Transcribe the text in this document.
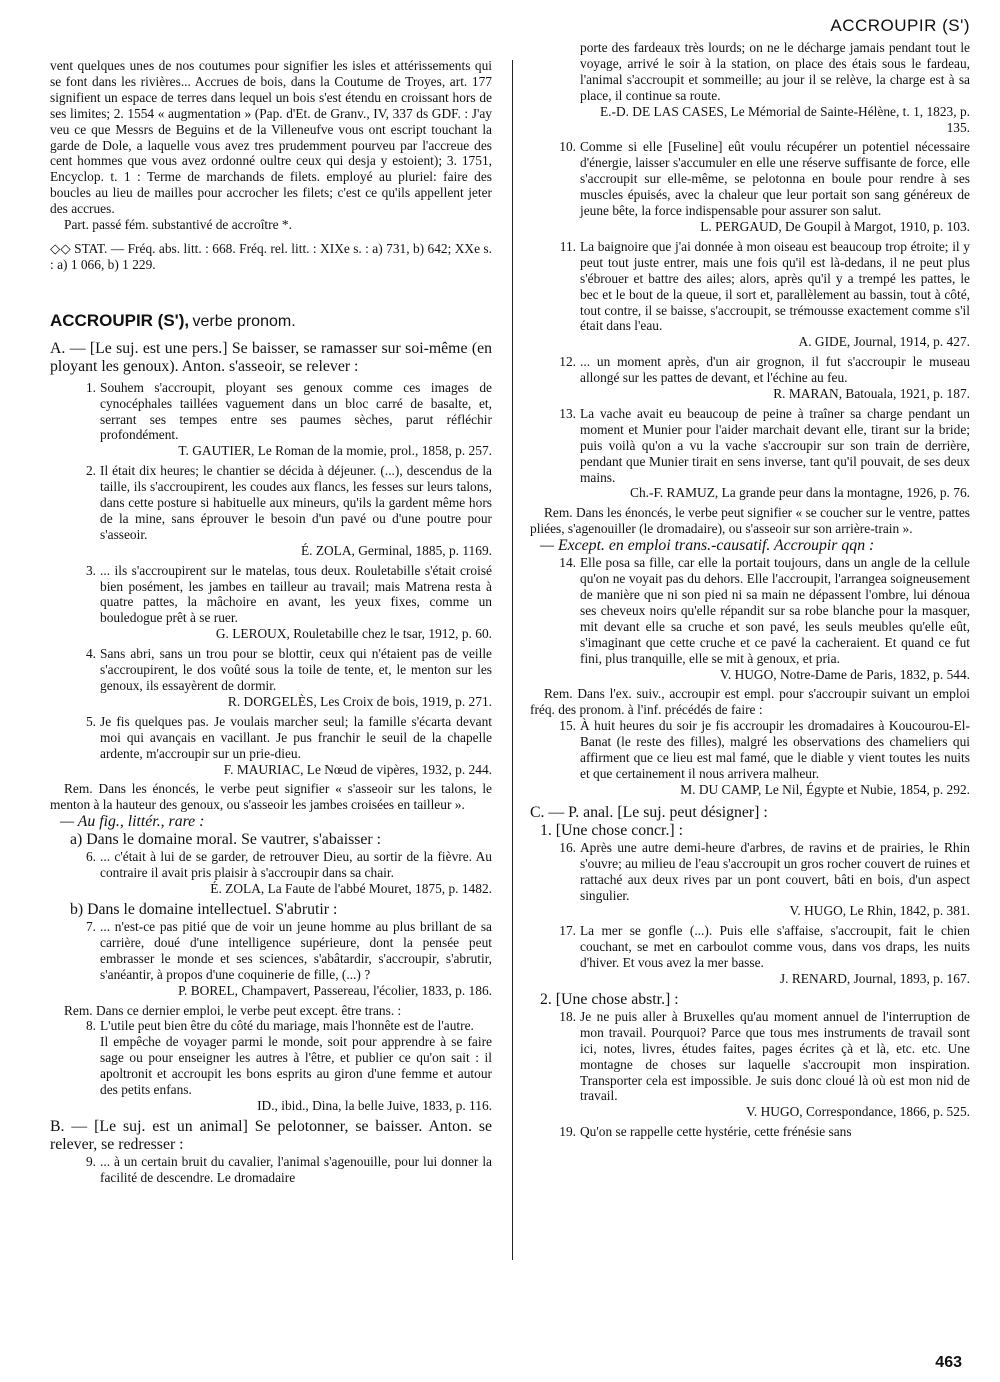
ACCROUPIR (S')

vent quelques unes de nos coutumes pour signifier les isles et attérissements qui se font dans les rivières... Accrues de bois, dans la Coutume de Troyes, art. 177 signifient un espace de terres dans lequel un bois s'est étendu en croissant hors de ses limites; 2. 1554 « augmentation » (Pap. d'Et. de Granv., IV, 337 ds GDF. : J'ay veu ce que Messrs de Beguins et de la Villeneufve vous ont escript touchant la garde de Dole, a laquelle vous avez tres prudemment pourveu par l'accreue des cent hommes que vous avez ordonné oultre ceux qui desja y estoient); 3. 1751, Encyclop. t. 1 : Terme de marchands de filets. employé au pluriel: faire des boucles au lieu de mailles pour accrocher les filets; c'est ce qu'ils appellent jeter des accrues.

Part. passé fém. substantivé de accroître *.

◇◇ STAT. — Fréq. abs. litt. : 668. Fréq. rel. litt. : XIXe s. : a) 731, b) 642; XXe s. : a) 1 066, b) 1 229.

ACCROUPIR (S'), verbe pronom.

A. — [Le suj. est une pers.] Se baisser, se ramasser sur soi-même (en ployant les genoux). Anton. s'asseoir, se relever :

1. Souhem s'accroupit, ployant ses genoux comme ces images de cynocéphales taillées vaguement dans un bloc carré de basalte, et, serrant ses tempes entre ses paumes sèches, parut réfléchir profondément.

T. GAUTIER, Le Roman de la momie, prol., 1858, p. 257.

2. Il était dix heures; le chantier se décida à déjeuner. (...), descendus de la taille, ils s'accroupirent, les coudes aux flancs, les fesses sur leurs talons, dans cette posture si habituelle aux mineurs, qu'ils la gardent même hors de la mine, sans éprouver le besoin d'un pavé ou d'une poutre pour s'asseoir.

É. ZOLA, Germinal, 1885, p. 1169.

3. ... ils s'accroupirent sur le matelas, tous deux. Rouletabille s'était croisé bien posément, les jambes en tailleur au travail; mais Matrena resta à quatre pattes, la mâchoire en avant, les yeux fixes, comme un bouledogue prêt à se ruer.

G. LEROUX, Rouletabille chez le tsar, 1912, p. 60.

4. Sans abri, sans un trou pour se blottir, ceux qui n'étaient pas de veille s'accroupirent, le dos voûté sous la toile de tente, et, le menton sur les genoux, ils essayèrent de dormir.

R. DORGELÈS, Les Croix de bois, 1919, p. 271.

5. Je fis quelques pas. Je voulais marcher seul; la famille s'écarta devant moi qui avançais en vacillant. Je pus franchir le seuil de la chapelle ardente, m'accroupir sur un prie-dieu.

F. MAURIAC, Le Nœud de vipères, 1932, p. 244.

Rem. Dans les énoncés, le verbe peut signifier « s'asseoir sur les talons, le menton à la hauteur des genoux, ou s'asseoir les jambes croisées en tailleur ».

— Au fig., littér., rare :

a) Dans le domaine moral. Se vautrer, s'abaisser :

6. ... c'était à lui de se garder, de retrouver Dieu, au sortir de la fièvre. Au contraire il avait pris plaisir à s'accroupir dans sa chair.

É. ZOLA, La Faute de l'abbé Mouret, 1875, p. 1482.

b) Dans le domaine intellectuel. S'abrutir :

7. ... n'est-ce pas pitié que de voir un jeune homme au plus brillant de sa carrière, doué d'une intelligence supérieure, dont la pensée peut embrasser le monde et ses sciences, s'abâtardir, s'accroupir, s'abrutir, s'anéantir, à propos d'une coquinerie de fille, (...) ?

P. BOREL, Champavert, Passereau, l'écolier, 1833, p. 186.

Rem. Dans ce dernier emploi, le verbe peut except. être trans. :

8. L'utile peut bien être du côté du mariage, mais l'honnête est de l'autre.

Il empêche de voyager parmi le monde, soit pour apprendre à se faire sage ou pour enseigner les autres à l'être, et publier ce qu'on sait : il apoltronit et accroupit les bons esprits au giron d'une femme et autour des petits enfans.

ID., ibid., Dina, la belle Juive, 1833, p. 116.

B. — [Le suj. est un animal] Se pelotonner, se baisser. Anton. se relever, se redresser :

9. ... à un certain bruit du cavalier, l'animal s'agenouille, pour lui donner la facilité de descendre. Le dromadaire

porte des fardeaux très lourds; on ne le décharge jamais pendant tout le voyage, arrivé le soir à la station, on place des étais sous le fardeau, l'animal s'accroupit et sommeille; au jour il se relève, la charge est à sa place, il continue sa route.

E.-D. DE LAS CASES, Le Mémorial de Sainte-Hélène, t. 1, 1823, p. 135.

10. Comme si elle [Fuseline] eût voulu récupérer un potentiel nécessaire d'énergie, laisser s'accumuler en elle une réserve suffisante de force, elle s'accroupit sur elle-même, se pelotonna en boule pour rendre à ses muscles épuisés, avec la chaleur que leur portait son sang généreux de jeune bête, la force indispensable pour assurer son salut.

L. PERGAUD, De Goupil à Margot, 1910, p. 103.

11. La baignoire que j'ai donnée à mon oiseau est beaucoup trop étroite; il y peut tout juste entrer, mais une fois qu'il est là-dedans, il ne peut plus s'ébrouer et battre des ailes; alors, après qu'il y a trempé les pattes, le bec et le bout de la queue, il sort et, parallèlement au bassin, tout à côté, tout contre, il se baisse, s'accroupit, se trémousse exactement comme s'il était dans l'eau.

A. GIDE, Journal, 1914, p. 427.

12. ... un moment après, d'un air grognon, il fut s'accroupir le museau allongé sur les pattes de devant, et l'échine au feu.

R. MARAN, Batouala, 1921, p. 187.

13. La vache avait eu beaucoup de peine à traîner sa charge pendant un moment et Munier pour l'aider marchait devant elle, tirant sur la bride; puis voilà qu'on a vu la vache s'accroupir sur son train de derrière, pendant que Munier tirait en sens inverse, tant qu'il pouvait, de ses deux mains.

Ch.-F. RAMUZ, La grande peur dans la montagne, 1926, p. 76.

Rem. Dans les énoncés, le verbe peut signifier « se coucher sur le ventre, pattes pliées, s'agenouiller (le dromadaire), ou s'asseoir sur son arrière-train ».

— Except. en emploi trans.-causatif. Accroupir qqn :

14. Elle posa sa fille, car elle la portait toujours, dans un angle de la cellule qu'on ne voyait pas du dehors. Elle l'accroupit, l'arrangea soigneusement de manière que ni son pied ni sa main ne dépassent l'ombre, lui dénoua ses cheveux noirs qu'elle répandit sur sa robe blanche pour la masquer, mit devant elle sa cruche et son pavé, les seuls meubles qu'elle eût, s'imaginant que cette cruche et ce pavé la cacheraient. Et quand ce fut fini, plus tranquille, elle se mit à genoux, et pria.

V. HUGO, Notre-Dame de Paris, 1832, p. 544.

Rem. Dans l'ex. suiv., accroupir est empl. pour s'accroupir suivant un emploi fréq. des pronom. à l'inf. précédés de faire :

15. À huit heures du soir je fis accroupir les dromadaires à Koucourou-El-Banat (le reste des filles), malgré les observations des chameliers qui affirment que ce lieu est mal famé, que le diable y vient toutes les nuits et que certainement il nous arrivera malheur.

M. DU CAMP, Le Nil, Égypte et Nubie, 1854, p. 292.

C. — P. anal. [Le suj. peut désigner] :

1. [Une chose concr.] :

16. Après une autre demi-heure d'arbres, de ravins et de prairies, le Rhin s'ouvre; au milieu de l'eau s'accroupit un gros rocher couvert de ruines et rattaché aux deux rives par un pont couvert, bâti en bois, d'un aspect singulier.

V. HUGO, Le Rhin, 1842, p. 381.

17. La mer se gonfle (...). Puis elle s'affaise, s'accroupit, fait le chien couchant, se met en carboulot comme vous, dans vos draps, les nuits d'hiver. Et vous avez la mer basse.

J. RENARD, Journal, 1893, p. 167.

2. [Une chose abstr.] :

18. Je ne puis aller à Bruxelles qu'au moment annuel de l'interruption de mon travail. Pourquoi? Parce que tous mes instruments de travail sont ici, notes, livres, études faites, pages écrites çà et là, etc. etc. Une montagne de choses sur laquelle s'accroupit mon inspiration. Transporter cela est impossible. Je suis donc cloué là où est mon nid de travail.

V. HUGO, Correspondance, 1866, p. 525.

19. Qu'on se rappelle cette hystérie, cette frénésie sans

463
